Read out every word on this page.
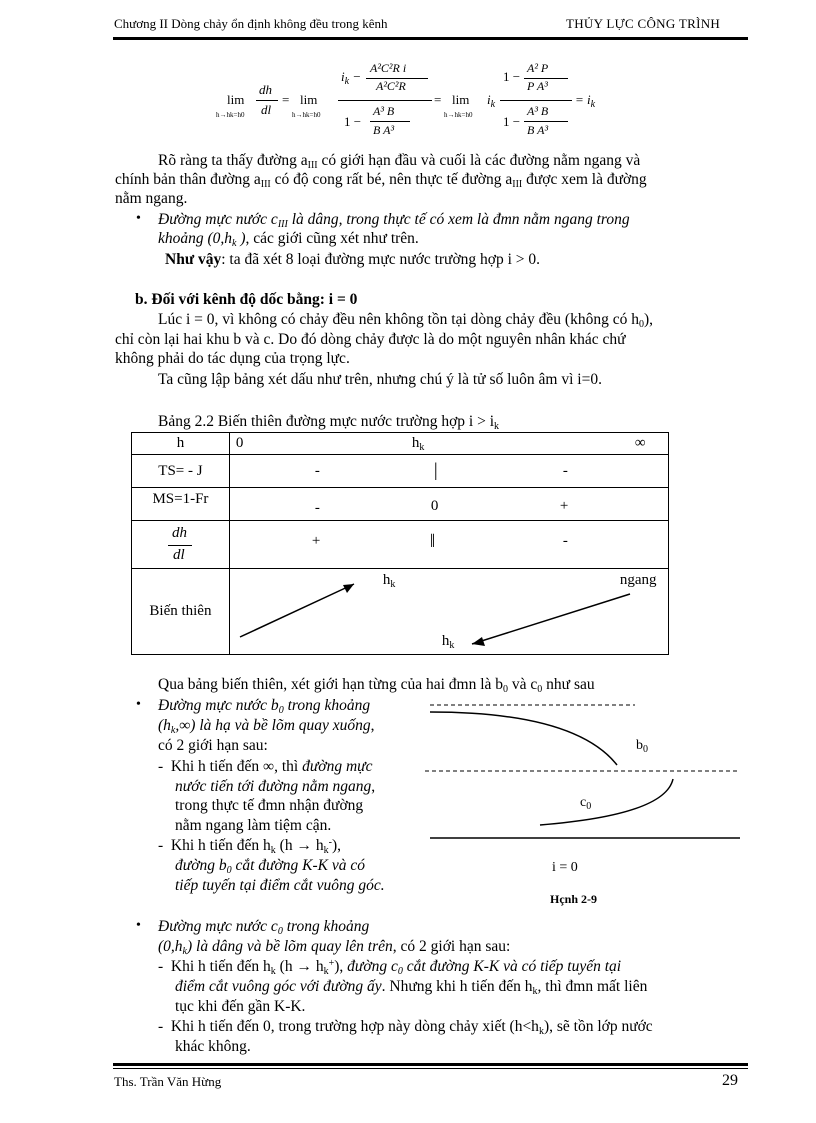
Chương II Dòng chảy ổn định không đều trong kênh	THỦY LỰC CÔNG TRÌNH
lim
h→hk=h0
dh
dl
= lim
h→hk=h0
$i_k$ −
A²C²R i
A²C²R
1 −
A³ B
B A³
= lim
h→hk=h0
$i_k$
1 −
A² P
P A³
1 −
A³ B
B A³
= $i_k$
Rõ ràng ta thấy đường $a_{III}$ có giới hạn đầu và cuối là các đường nằm ngang và
chính bản thân đường $a_{III}$ có độ cong rất bé, nên thực tế đường $a_{III}$ được xem là đường
nằm ngang.
• Đường mực nước $c_{III}$ là dâng, trong thực tế có xem là đmn nằm ngang trong
khoảng ($0,h_k$ ), các giới cũng xét như trên.
Như vậy: ta đã xét 8 loại đường mực nước trường hợp i > 0.
b. Đối với kênh độ dốc bằng: i = 0
Lúc i = 0, vì không có chảy đều nên không tồn tại dòng chảy đều (không có $h_0$),
chỉ còn lại hai khu b và c. Do đó dòng chảy được là do một nguyên nhân khác chứ
không phải do tác dụng của trọng lực.
Ta cũng lập bảng xét dấu như trên, nhưng chú ý là tử số luôn âm vì i=0.
Bảng 2.2 Biến thiên đường mực nước trường hợp $i > i_k$
h	0 $h_k$ ∞

TS= - J	- | -

MS=1-Fr	- 0 +

dh
dl	+ ‖ -

Biến thiên	$h_k$ ngang
$h_k$
Qua bảng biến thiên, xét giới hạn từng của hai đmn là $b_0$ và $c_0$ như sau
• Đường mực nước $b_0$ trong khoảng
$(h_k,\infty)$ là hạ và bề lõm quay xuống,
có 2 giới hạn sau:
-  Khi h tiến đến ∞, thì đường mực
nước tiến tới đường nằm ngang,
trong thực tế đmn nhận đường
nằm ngang làm tiệm cận.
-  Khi h tiến đến $h_k$ $(h \to h_k^-)$,
đường $b_0$ cắt đường K-K và có
tiếp tuyến tại điểm cắt vuông góc.
$b_0$
$c_0$
i = 0
Hçnh 2-9
• Đường mực nước $c_0$ trong khoảng
$(0,h_k)$ là dâng và bề lõm quay lên trên, có 2 giới hạn sau:
-  Khi h tiến đến $h_k$ $(h \to h_k^+)$, đường $c_0$ cắt đường K-K và có tiếp tuyến tại
điểm cắt vuông góc với đường ấy. Nhưng khi h tiến đến $h_k$, thì đmn mất liên
tục khi đến gần K-K.
-  Khi h tiến đến 0, trong trường hợp này dòng chảy xiết $(h<h_k)$, sẽ tồn lớp nước
khác không.
Ths. Trần Văn Hừng	29
